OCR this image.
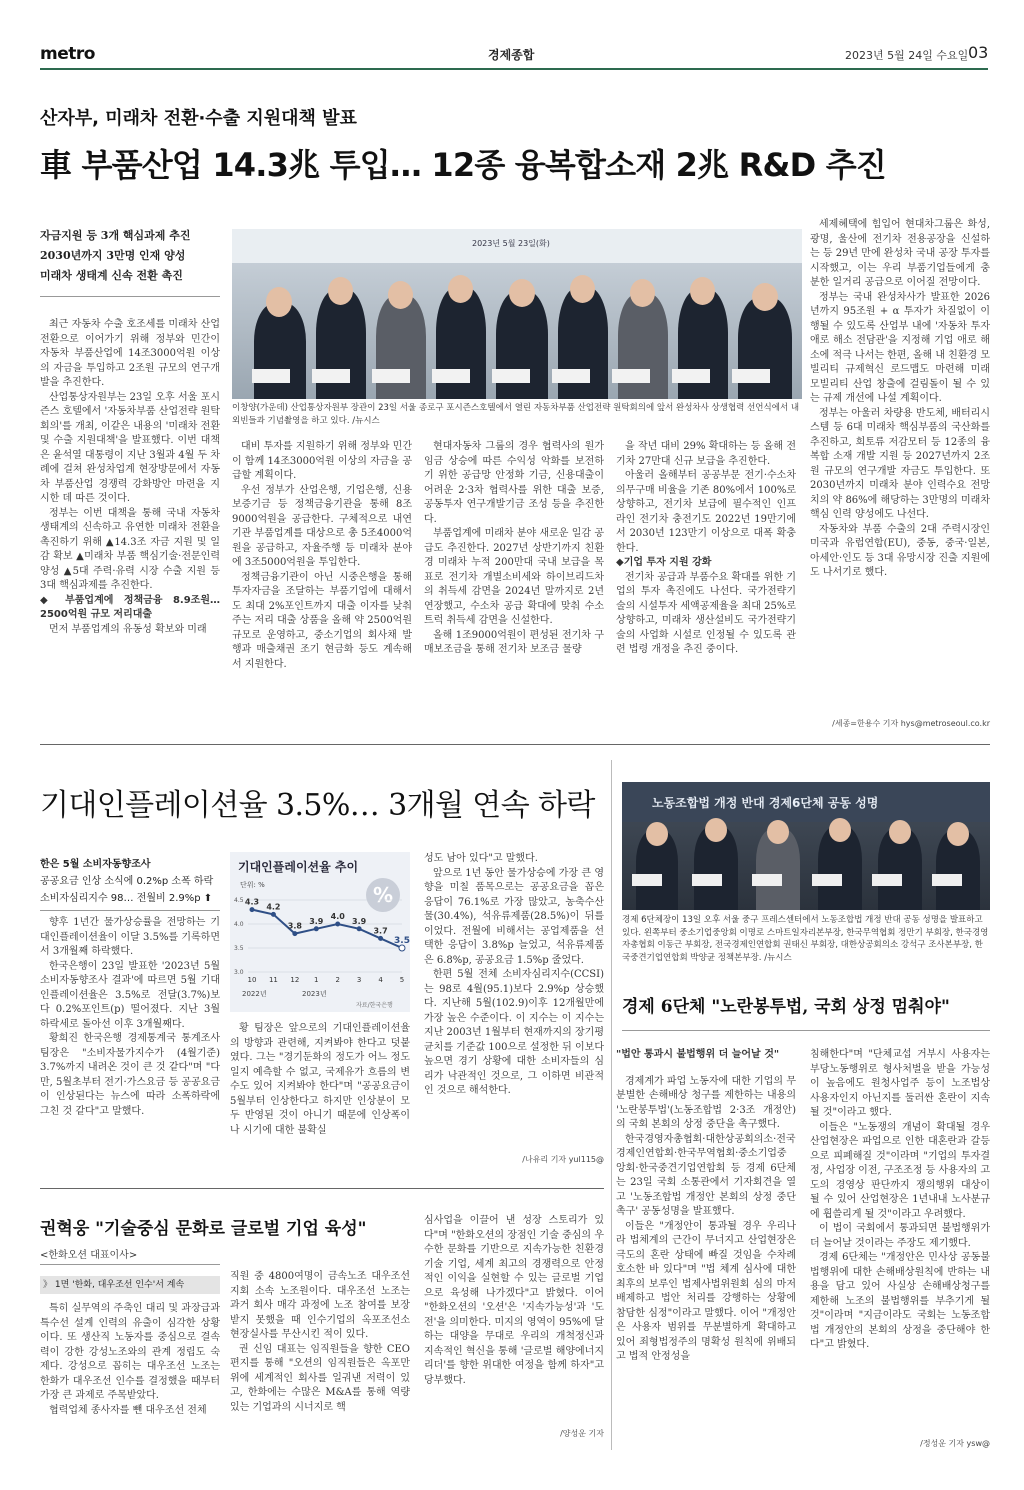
metro	경제종합	2023년 5월 24일 수요일 03
산자부, 미래차 전환·수출 지원대책 발표
車 부품산업 14.3兆 투입… 12종 융복합소재 2兆 R&D 추진
자금지원 등 3개 핵심과제 추진
2030년까지 3만명 인재 양성
미래차 생태계 신속 전환 촉진
2023년 5월 23일(화)
이창양(가운데) 산업통상자원부 장관이 23일 서울 종로구 포시즌스호텔에서 열린 자동차부품 산업전략 원탁회의에 앞서 완성차사 상생협력 선언식에서 내외빈들과 기념촬영을 하고 있다. /뉴시스

최근 자동차 수출 호조세를 미래차 산업 전환으로 이어가기 위해 정부와 민간이 자동차 부품산업에 14조3000억원 이상의 자금을 투입하고 2조원 규모의 연구개발을 추진한다.

산업통상자원부는 23일 오후 서울 포시즌스 호텔에서 '자동차부품 산업전략 원탁회의'를 개최, 이같은 내용의 '미래차 전환 및 수출 지원대책'을 발표했다. 이번 대책은 윤석열 대통령이 지난 3월과 4월 두 차례에 걸쳐 완성차업계 현장방문에서 자동차 부품산업 경쟁력 강화방안 마련을 지시한 데 따른 것이다.

정부는 이번 대책을 통해 국내 자동차 생태계의 신속하고 유연한 미래차 전환을 촉진하기 위해 ▲14.3조 자금 지원 및 일감 확보 ▲미래차 부품 핵심기술·전문인력 양성 ▲5대 주력·유력 시장 수출 지원 등 3대 핵심과제를 추진한다.

◆ 부품업계에 정책금융 8.9조원… 2500억원 규모 저리대출

먼저 부품업계의 유동성 확보와 미래

대비 투자를 지원하기 위해 정부와 민간이 함께 14조3000억원 이상의 자금을 공급할 계획이다.

우선 정부가 산업은행, 기업은행, 신용보증기금 등 정책금융기관을 통해 8조9000억원을 공급한다. 구체적으로 내연기관 부품업계를 대상으로 총 5조4000억원을 공급하고, 자율주행 등 미래차 분야에 3조5000억원을 투입한다.

정책금융기관이 아닌 시중은행을 통해 투자자금을 조달하는 부품기업에 대해서도 최대 2%포인트까지 대출 이자를 낮춰주는 저리 대출 상품을 올해 약 2500억원 규모로 운영하고, 중소기업의 회사채 발행과 매출채권 조기 현금화 등도 계속해서 지원한다.

현대자동차 그룹의 경우 협력사의 원가임금 상승에 따른 수익성 악화를 보전하기 위한 공급망 안정화 기금, 신용대출이 어려운 2·3차 협력사를 위한 대출 보증, 공동투자 연구개발기금 조성 등을 추진한다.

부품업계에 미래차 분야 새로운 일감 공급도 추진한다. 2027년 상반기까지 친환경 미래차 누적 200만대 국내 보급을 목표로 전기차 개별소비세와 하이브리드차의 취득세 감면을 2024년 말까지로 2년 연장했고, 수소차 공급 확대에 맞춰 수소트럭 취득세 감면을 신설한다.

올해 1조9000억원이 편성된 전기차 구매보조금을 통해 전기차 보조금 물량

을 작년 대비 29% 확대하는 등 올해 전기차 27만대 신규 보급을 추진한다.

아울러 올해부터 공공부문 전기·수소차 의무구매 비율을 기존 80%에서 100%로 상향하고, 전기차 보급에 필수적인 인프라인 전기차 충전기도 2022년 19만기에서 2030년 123만기 이상으로 대폭 확충한다.

◆기업 투자 지원 강화

전기차 공급과 부품수요 확대를 위한 기업의 투자 촉진에도 나선다. 국가전략기술의 시설투자 세액공제율을 최대 25%로 상향하고, 미래차 생산설비도 국가전략기술의 사업화 시설로 인정될 수 있도록 관련 법령 개정을 추진 중이다.

세제혜택에 힘입어 현대차그룹은 화성, 광명, 울산에 전기차 전용공장을 신설하는 등 29년 만에 완성차 국내 공장 투자를 시작했고, 이는 우리 부품기업들에게 충분한 일거리 공급으로 이어질 전망이다.

정부는 국내 완성차사가 발표한 2026년까지 95조원 + α 투자가 차질없이 이행될 수 있도록 산업부 내에 '자동차 투자애로 해소 전담관'을 지정해 기업 애로 해소에 적극 나서는 한편, 올해 내 친환경 모빌리티 규제혁신 로드맵도 마련해 미래 모빌리티 산업 창출에 걸림돌이 될 수 있는 규제 개선에 나설 계획이다.

정부는 아울러 차량용 반도체, 배터리시스템 등 6대 미래차 핵심부품의 국산화를 추진하고, 희토류 저감모터 등 12종의 융복합 소재 개발 지원 등 2027년까지 2조원 규모의 연구개발 자금도 투입한다. 또 2030년까지 미래차 분야 인력수요 전망치의 약 86%에 해당하는 3만명의 미래차 핵심 인력 양성에도 나선다.

자동차와 부품 수출의 2대 주력시장인 미국과 유럽연합(EU), 중동, 중국·일본, 아세안·인도 등 3대 유망시장 진출 지원에도 나서기로 했다.

/세종=한용수 기자 hys@metroseoul.co.kr
기대인플레이션율 3.5%… 3개월 연속 하락
한은 5월 소비자동향조사
공공요금 인상 소식에 0.2%p 소폭 하락
소비자심리지수 98… 전월비 2.9%p ⬆
기대인플레이션율 추이
단위: %	%
4.5
4.0
3.5
3.0
4.3
4.2
3.8
3.9
4.0
3.9
3.7
3.5
10 11 12 1 2 3 4 5
2022년	2023년
자료/한국은행

향후 1년간 물가상승률을 전망하는 기대인플레이션율이 이달 3.5%를 기록하면서 3개월째 하락했다.

한국은행이 23일 발표한 '2023년 5월 소비자동향조사 결과'에 따르면 5월 기대인플레이션율은 3.5%로 전달(3.7%)보다 0.2%포인트(p) 떨어졌다. 지난 3월 하락세로 돌아선 이후 3개월째다.

황희진 한국은행 경제통계국 통계조사팀장은 "소비자물가지수가 (4월기준) 3.7%까지 내려온 것이 큰 것 같다"며 "다만, 5월초부터 전기·가스요금 등 공공요금이 인상된다는 뉴스에 따라 소폭하락에 그친 것 같다"고 말했다.

황 팀장은 앞으로의 기대인플레이션율의 방향과 관련해, 지켜봐야 한다고 덧붙였다. 그는 "경기둔화의 정도가 어느 정도일지 예측할 수 없고, 국제유가 흐름의 변수도 있어 지켜봐야 한다"며 "공공요금이 5월부터 인상한다고 하지만 인상분이 모두 반영된 것이 아니기 때문에 인상폭이나 시기에 대한 불확실

성도 남아 있다"고 말했다.

앞으로 1년 동안 물가상승에 가장 큰 영향을 미칠 품목으로는 공공요금을 꼽은 응답이 76.1%로 가장 많았고, 농축수산물(30.4%), 석유류제품(28.5%)이 뒤를 이었다. 전월에 비해서는 공업제품을 선택한 응답이 3.8%p 늘었고, 석유류제품은 6.8%p, 공공요금 1.5%p 줄었다.

한편 5월 전체 소비자심리지수(CCSI)는 98로 4월(95.1)보다 2.9%p 상승했다. 지난해 5월(102.9)이후 12개월만에 가장 높은 수준이다. 이 지수는 이 지수는 지난 2003년 1월부터 현재까지의 장기평균치를 기준값 100으로 설정한 뒤 이보다 높으면 경기 상황에 대한 소비자들의 심리가 낙관적인 것으로, 그 이하면 비관적인 것으로 해석한다.

/나유리 기자 yul115@
노동조합법 개정 반대 경제6단체 공동 성명
경제 6단체장이 13일 오후 서울 중구 프레스센터에서 노동조합법 개정 반대 공동 성명을 발표하고 있다. 왼쪽부터 중소기업중앙회 이명로 스마트일자리본부장, 한국무역협회 정만기 부회장, 한국경영자총협회 이동근 부회장, 전국경제인연합회 권태신 부회장, 대한상공회의소 강석구 조사본부장, 한국중견기업연합회 박양균 정책본부장. /뉴시스
경제 6단체 "노란봉투법, 국회 상정 멈춰야"

"법안 통과시 불법행위 더 늘어날 것"

경제계가 파업 노동자에 대한 기업의 무분별한 손해배상 청구를 제한하는 내용의 '노란봉투법'(노동조합법 2·3조 개정안)의 국회 본회의 상정 중단을 촉구했다.

한국경영자총협회·대한상공회의소·전국경제인연합회·한국무역협회·중소기업중앙회·한국중견기업연합회 등 경제 6단체는 23일 국회 소통관에서 기자회견을 열고 '노동조합법 개정안 본회의 상정 중단 촉구' 공동성명을 발표했다.

이들은 "개정안이 통과될 경우 우리나라 법체계의 근간이 무너지고 산업현장은 극도의 혼란 상태에 빠질 것임을 수차례 호소한 바 있다"며 "법 체계 심사에 대한 최후의 보루인 법제사법위원회 심의 마저 배제하고 법안 처리를 강행하는 상황에 참담한 심정"이라고 말했다. 이어 "개정안은 사용자 범위를 무분별하게 확대하고 있어 죄형법정주의 명확성 원칙에 위배되고 법적 안정성을

침해한다"며 "단체교섭 거부시 사용자는 부당노동행위로 형사처벌을 받을 가능성이 높음에도 원청사업주 등이 노조법상 사용자인지 아닌지를 둘러싼 혼란이 지속될 것"이라고 했다.

이들은 "노동쟁의 개념이 확대될 경우 산업현장은 파업으로 인한 대혼란과 갈등으로 피폐해질 것"이라며 "기업의 투자결정, 사업장 이전, 구조조정 등 사용자의 고도의 경영상 판단까지 쟁의행위 대상이 될 수 있어 산업현장은 1년내내 노사분규에 휩쓸리게 될 것"이라고 우려했다.

이 법이 국회에서 통과되면 불법행위가 더 늘어날 것이라는 주장도 제기했다.

경제 6단체는 "개정안은 민사상 공동불법행위에 대한 손해배상원칙에 반하는 내용을 담고 있어 사실상 손해배상청구를 제한해 노조의 불법행위를 부추기게 될 것"이라며 "지금이라도 국회는 노동조합법 개정안의 본회의 상정을 중단해야 한다"고 밝혔다.

/정성운 기자 ysw@
권혁웅 "기술중심 문화로 글로벌 기업 육성"
<한화오션 대표이사>
》 1면 '한화, 대우조선 인수'서 계속

특히 실무역의 주축인 대리 및 과장급과 특수선 설계 인력의 유출이 심각한 상황이다. 또 생산직 노동자를 중심으로 결속력이 강한 강성노조와의 관계 정립도 숙제다. 강성으로 꼽히는 대우조선 노조는 한화가 대우조선 인수를 결정했을 때부터 가장 큰 과제로 주목받았다.

협력업체 종사자를 뺀 대우조선 전체

직원 중 4800여명이 금속노조 대우조선지회 소속 노조원이다. 대우조선 노조는 과거 회사 매각 과정에 노조 참여를 보장받지 못했을 때 인수기업의 옥포조선소 현장실사를 무산시킨 적이 있다.

권 신임 대표는 임직원들을 향한 CEO 편지를 통해 "오션의 임직원들은 옥포만 위에 세계적인 회사를 일궈낸 저력이 있고, 한화에는 수많은 M&A를 통해 역량 있는 기업과의 시너지로 핵

심사업을 이끌어 낸 성장 스토리가 있다"며 "한화오션의 장점인 기술 중심의 우수한 문화를 기반으로 지속가능한 친환경 기술 기업, 세계 최고의 경쟁력으로 안정적인 이익을 실현할 수 있는 글로벌 기업으로 육성해 나가겠다"고 밝혔다. 이어 "한화오션의 '오션'은 '지속가능성'과 '도전'을 의미한다. 미지의 영역이 95%에 달하는 대양을 무대로 우리의 개척정신과 지속적인 혁신을 통해 '글로벌 해양에너지 리더'를 향한 위대한 여정을 함께 하자"고 당부했다.

/양성운 기자
